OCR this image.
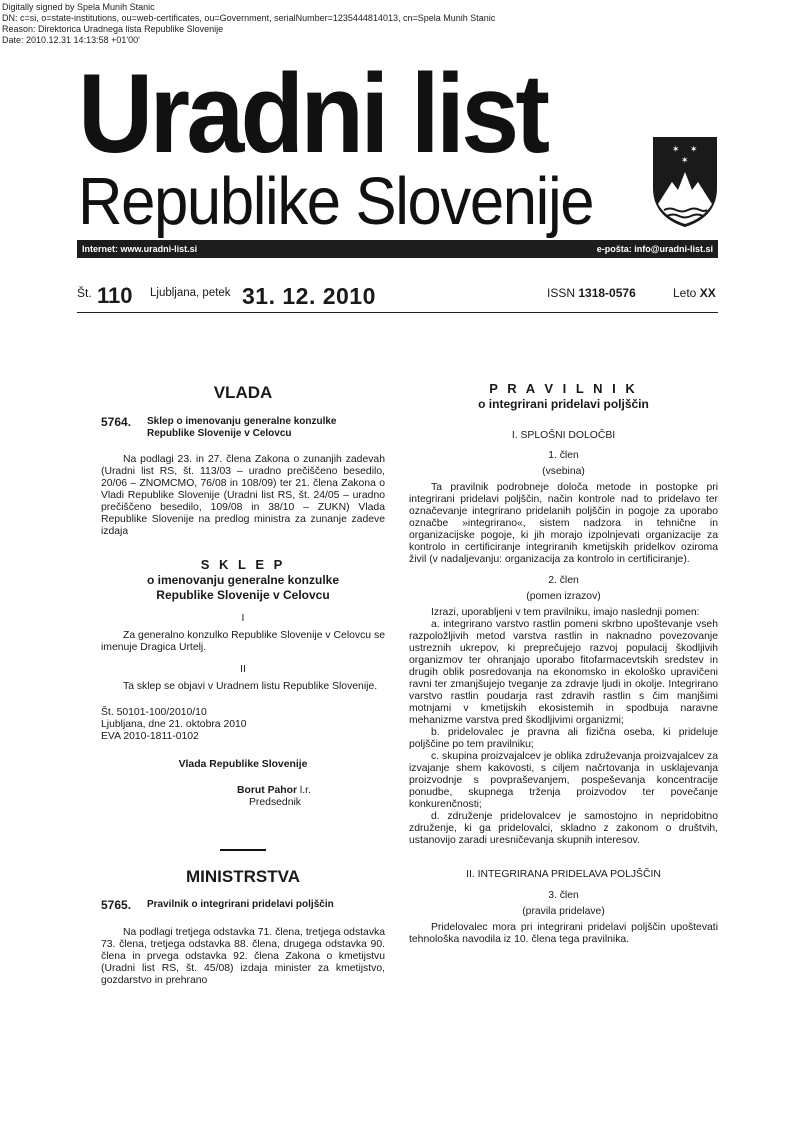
Digitally signed by Spela Munih Stanic
DN: c=si, o=state-institutions, ou=web-certificates, ou=Government, serialNumber=1235444814013, cn=Spela Munih Stanic
Reason: Direktorica Uradnega lista Republike Slovenije
Date: 2010.12.31 14:13:58 +01'00'
Uradni list
Republike Slovenije
✶ ✶
✶
Internet: www.uradni-list.si	e-pošta: info@uradni-list.si
Št. 110 Ljubljana, petek 31. 12. 2010	ISSN 1318-0576	Leto XX
VLADA
5764.	Sklep o imenovanju generalne konzulke Republike Slovenije v Celovcu

Na podlagi 23. in 27. člena Zakona o zunanjih zadevah (Uradni list RS, št. 113/03 – uradno prečiščeno besedilo, 20/06 – ZNOMCMO, 76/08 in 108/09) ter 21. člena Zakona o Vladi Republike Slovenije (Uradni list RS, št. 24/05 – uradno prečiščeno besedilo, 109/08 in 38/10 – ZUKN) Vlada Republike Slovenije na predlog ministra za zunanje zadeve izdaja

S K L E P
o imenovanju generalne konzulke
Republike Slovenije v Celovcu
I

Za generalno konzulko Republike Slovenije v Celovcu se imenuje Dragica Urtelj.

II

Ta sklep se objavi v Uradnem listu Republike Slovenije.

Št. 50101-100/2010/10
Ljubljana, dne 21. oktobra 2010
EVA 2010-1811-0102
Vlada Republike Slovenije
Borut Pahor l.r.
Predsednik
MINISTRSTVA
5765.	Pravilnik o integrirani pridelavi poljščin

Na podlagi tretjega odstavka 71. člena, tretjega odstavka 73. člena, tretjega odstavka 88. člena, drugega odstavka 90. člena in prvega odstavka 92. člena Zakona o kmetijstvu (Uradni list RS, št. 45/08) izdaja minister za kmetijstvo, gozdarstvo in prehrano

P R A V I L N I K
o integrirani pridelavi poljščin
I. SPLOŠNI DOLOČBI
1. člen
(vsebina)

Ta pravilnik podrobneje določa metode in postopke pri integrirani pridelavi poljščin, način kontrole nad to pridelavo ter označevanje integrirano pridelanih poljščin in pogoje za uporabo označbe »integrirano«, sistem nadzora in tehnične in organizacijske pogoje, ki jih morajo izpolnjevati organizacije za kontrolo in certificiranje integriranih kmetijskih pridelkov oziroma živil (v nadaljevanju: organizacija za kontrolo in certificiranje).

2. člen
(pomen izrazov)

Izrazi, uporabljeni v tem pravilniku, imajo naslednji pomen:

a. integrirano varstvo rastlin pomeni skrbno upoštevanje vseh razpoložljivih metod varstva rastlin in naknadno povezovanje ustreznih ukrepov, ki preprečujejo razvoj populacij škodljivih organizmov ter ohranjajo uporabo fitofarmacevtskih sredstev in drugih oblik posredovanja na ekonomsko in ekološko upravičeni ravni ter zmanjšujejo tveganje za zdravje ljudi in okolje. Integrirano varstvo rastlin poudarja rast zdravih rastlin s čim manjšimi motnjami v kmetijskih ekosistemih in spodbuja naravne mehanizme varstva pred škodljivimi organizmi;

b. pridelovalec je pravna ali fizična oseba, ki prideluje poljščine po tem pravilniku;

c. skupina proizvajalcev je oblika združevanja proizvajalcev za izvajanje shem kakovosti, s ciljem načrtovanja in usklajevanja proizvodnje s povpraševanjem, pospeševanja koncentracije ponudbe, skupnega trženja proizvodov ter povečanje konkurenčnosti;

d. združenje pridelovalcev je samostojno in nepridobitno združenje, ki ga pridelovalci, skladno z zakonom o društvih, ustanovijo zaradi uresničevanja skupnih interesov.

II. INTEGRIRANA PRIDELAVA POLJŠČIN
3. člen
(pravila pridelave)

Pridelovalec mora pri integrirani pridelavi poljščin upoštevati tehnološka navodila iz 10. člena tega pravilnika.
